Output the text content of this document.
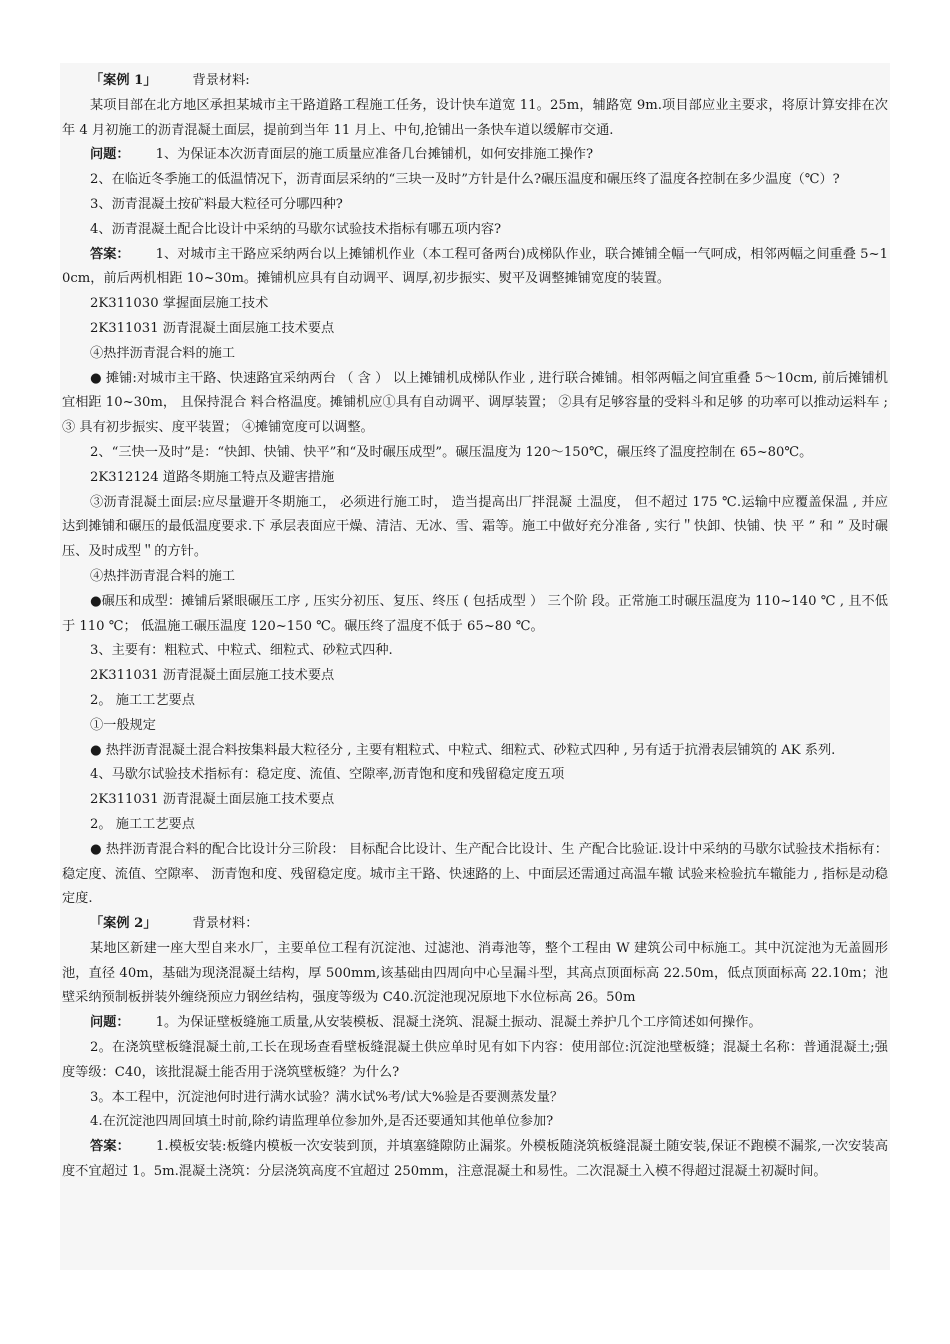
「案例 1」	背景材料:

某项目部在北方地区承担某城市主干路道路工程施工任务，设计快车道宽 11。25m，辅路宽 9m.项目部应业主要求，将原计算安排在次年 4 月初施工的沥青混凝土面层，提前到当年 11 月上、中旬,抢铺出一条快车道以缓解市交通.

问题： 1、为保证本次沥青面层的施工质量应准备几台摊铺机，如何安排施工操作?

2、在临近冬季施工的低温情况下，沥青面层采纳的“三块一及时”方针是什么?碾压温度和碾压终了温度各控制在多少温度（℃）?

3、沥青混凝土按矿料最大粒径可分哪四种?

4、沥青混凝土配合比设计中采纳的马歇尔试验技术指标有哪五项内容?

答案： 1、对城市主干路应采纳两台以上摊铺机作业（本工程可备两台)成梯队作业，联合摊铺全幅一气呵成，相邻两幅之间重叠 5~10cm，前后两机相距 10~30m。摊铺机应具有自动调平、调厚,初步振实、熨平及调整摊铺宽度的装置。

2K311030 掌握面层施工技术

2K311031 沥青混凝土面层施工技术要点

④热拌沥青混合料的施工

● 摊铺:对城市主干路、快速路宜采纳两台 （ 含 ） 以上摊铺机成梯队作业 , 进行联合摊铺。相邻两幅之间宜重叠 5～10cm, 前后摊铺机宜相距 10~30m， 且保持混合 料合格温度。摊铺机应①具有自动调平、调厚装置； ②具有足够容量的受料斗和足够 的功率可以推动运料车 ;③ 具有初步振实、度平装置； ④摊铺宽度可以调整。

2、“三快一及时”是：“快卸、快铺、快平”和“及时碾压成型”。碾压温度为 120～150℃，碾压终了温度控制在 65~80℃。

2K312124 道路冬期施工特点及避害措施

③沥青混凝土面层:应尽量避开冬期施工， 必须进行施工时， 造当提高出厂拌混凝 土温度， 但不超过 175 ℃.运输中应覆盖保温 , 并应达到摊铺和碾压的最低温度要求.下 承层表面应干燥、清洁、无冰、雪、霜等。施工中做好充分准备 , 实行＂快卸、快铺、快 平 ” 和 ” 及时碾压、及时成型＂的方针。

④热拌沥青混合料的施工

●碾压和成型：摊铺后紧眼碾压工序 , 压实分初压、复压、终压 ( 包括成型 ） 三个阶 段。正常施工时碾压温度为 110~140 ℃ , 且不低于 110 ℃； 低温施工碾压温度 120~150 ℃。碾压终了温度不低于 65~80 ℃。

3、主要有：粗粒式、中粒式、细粒式、砂粒式四种.

2K311031 沥青混凝土面层施工技术要点

2。 施工工艺要点

①一般规定

● 热拌沥青混凝土混合料按集料最大粒径分 , 主要有粗粒式、中粒式、细粒式、砂粒式四种 , 另有适于抗滑表层铺筑的 AK 系列.

4、马歇尔试验技术指标有：稳定度、流值、空隙率,沥青饱和度和残留稳定度五项

2K311031 沥青混凝土面层施工技术要点

2。 施工工艺要点

● 热拌沥青混合料的配合比设计分三阶段： 目标配合比设计、生产配合比设计、生 产配合比验证.设计中采纳的马歇尔试验技术指标有： 稳定度、流值、空隙率、 沥青饱和度、残留稳定度。城市主干路、快速路的上、中面层还需通过高温车辙 试验来检验抗车辙能力 , 指标是动稳定度.

「案例 2」	背景材料：

某地区新建一座大型自来水厂，主要单位工程有沉淀池、过滤池、消毒池等，整个工程由 W 建筑公司中标施工。其中沉淀池为无盖圆形池，直径 40m，基础为现浇混凝土结构，厚 500mm,该基础由四周向中心呈漏斗型，其高点顶面标高 22.50m，低点顶面标高 22.10m；池壁采纳预制板拼装外缠绕预应力钢丝结构，强度等级为 C40.沉淀池现况原地下水位标高 26。50m

问题： 1。为保证壁板缝施工质量,从安装模板、混凝土浇筑、混凝土振动、混凝土养护几个工序简述如何操作。

2。在浇筑壁板缝混凝土前,工长在现场查看壁板缝混凝土供应单时见有如下内容：使用部位:沉淀池壁板缝；混凝土名称：普通混凝土;强度等级：C40，该批混凝土能否用于浇筑壁板缝？为什么?

3。本工程中，沉淀池何时进行满水试验？满水试%考/试大%验是否要测蒸发量？

4.在沉淀池四周回填土时前,除约请监理单位参加外,是否还要通知其他单位参加?

答案： 1.模板安装:板缝内模板一次安装到顶，并填塞缝隙防止漏浆。外模板随浇筑板缝混凝土随安装,保证不跑模不漏浆,一次安装高度不宜超过 1。5m.混凝土浇筑：分层浇筑高度不宜超过 250mm，注意混凝土和易性。二次混凝土入模不得超过混凝土初凝时间。
